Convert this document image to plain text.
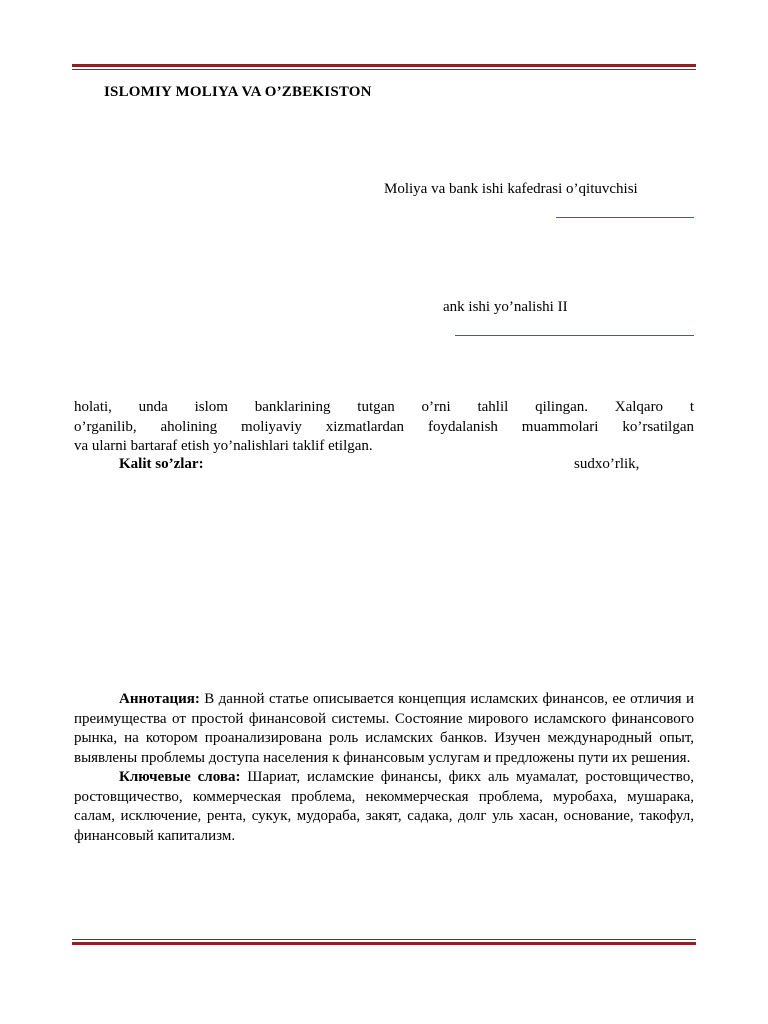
ISLOMIY MOLIYA VA O’ZBEKISTON
Moliya va bank ishi kafedrasi o’qituvchisi
ank ishi yo’nalishi II
holati, unda islom banklarining tutgan o’rni tahlil qilingan. Xalqaro t
o’rganilib, aholining moliyaviy xizmatlardan foydalanish muammolari ko’rsatilgan
va ularni bartaraf etish yo’nalishlari taklif etilgan.
Kalit so’zlar:	sudxo’rlik,

Аннотация: В данной статье описывается концепция исламских финансов, ее отличия и преимущества от простой финансовой системы. Состояние мирового исламского финансового рынка, на котором проанализирована роль исламских банков. Изучен международный опыт, выявлены проблемы доступа населения к финансовым услугам и предложены пути их решения.

Ключевые слова: Шариат, исламские финансы, фикх аль муамалат, ростовщичество, ростовщичество, коммерческая проблема, некоммерческая проблема, муробаха, мушарака, салам, исключение, рента, сукук, мудораба, закят, садака, долг уль хасан, основание, такофул, финансовый капитализм.
